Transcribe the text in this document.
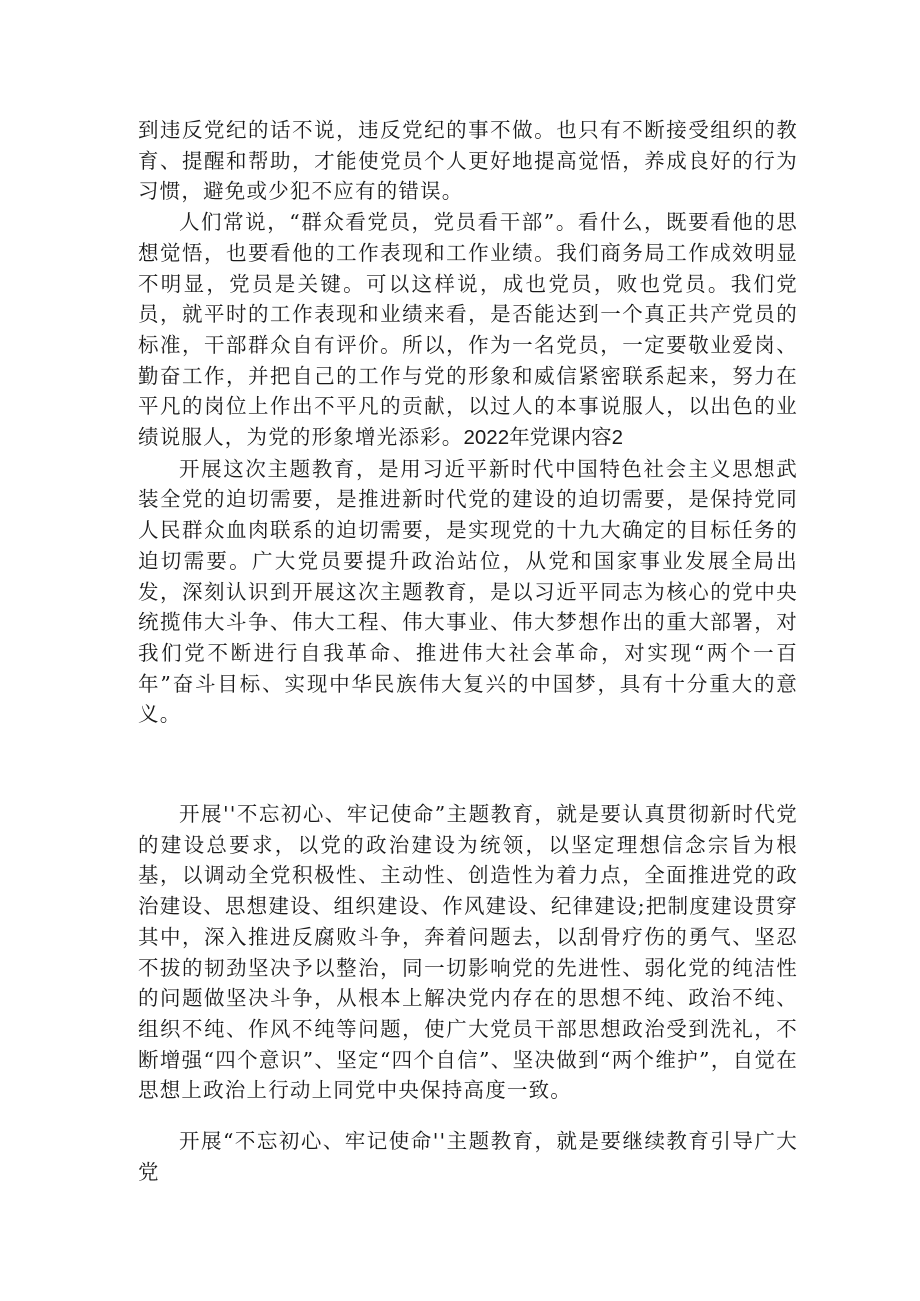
到违反党纪的话不说，违反党纪的事不做。也只有不断接受组织的教育、提醒和帮助，才能使党员个人更好地提高觉悟，养成良好的行为习惯，避免或少犯不应有的错误。

人们常说，“群众看党员，党员看干部”。看什么，既要看他的思想觉悟，也要看他的工作表现和工作业绩。我们商务局工作成效明显不明显，党员是关键。可以这样说，成也党员，败也党员。我们党员，就平时的工作表现和业绩来看，是否能达到一个真正共产党员的标准，干部群众自有评价。所以，作为一名党员，一定要敬业爱岗、勤奋工作，并把自己的工作与党的形象和威信紧密联系起来，努力在平凡的岗位上作出不平凡的贡献，以过人的本事说服人，以出色的业绩说服人，为党的形象增光添彩。2022年党课内容2

开展这次主题教育，是用习近平新时代中国特色社会主义思想武装全党的迫切需要，是推进新时代党的建设的迫切需要，是保持党同人民群众血肉联系的迫切需要，是实现党的十九大确定的目标任务的迫切需要。广大党员要提升政治站位，从党和国家事业发展全局出发，深刻认识到开展这次主题教育，是以习近平同志为核心的党中央统揽伟大斗争、伟大工程、伟大事业、伟大梦想作出的重大部署，对我们党不断进行自我革命、推进伟大社会革命，对实现“两个一百年”奋斗目标、实现中华民族伟大复兴的中国梦，具有十分重大的意义。

开展''不忘初心、牢记使命”主题教育，就是要认真贯彻新时代党的建设总要求，以党的政治建设为统领，以坚定理想信念宗旨为根基，以调动全党积极性、主动性、创造性为着力点，全面推进党的政治建设、思想建设、组织建设、作风建设、纪律建设;把制度建设贯穿其中，深入推进反腐败斗争，奔着问题去，以刮骨疗伤的勇气、坚忍不拔的韧劲坚决予以整治，同一切影响党的先进性、弱化党的纯洁性的问题做坚决斗争，从根本上解决党内存在的思想不纯、政治不纯、组织不纯、作风不纯等问题，使广大党员干部思想政治受到洗礼，不断增强“四个意识”、坚定“四个自信”、坚决做到“两个维护”，自觉在思想上政治上行动上同党中央保持高度一致。

开展“不忘初心、牢记使命''主题教育，就是要继续教育引导广大党
